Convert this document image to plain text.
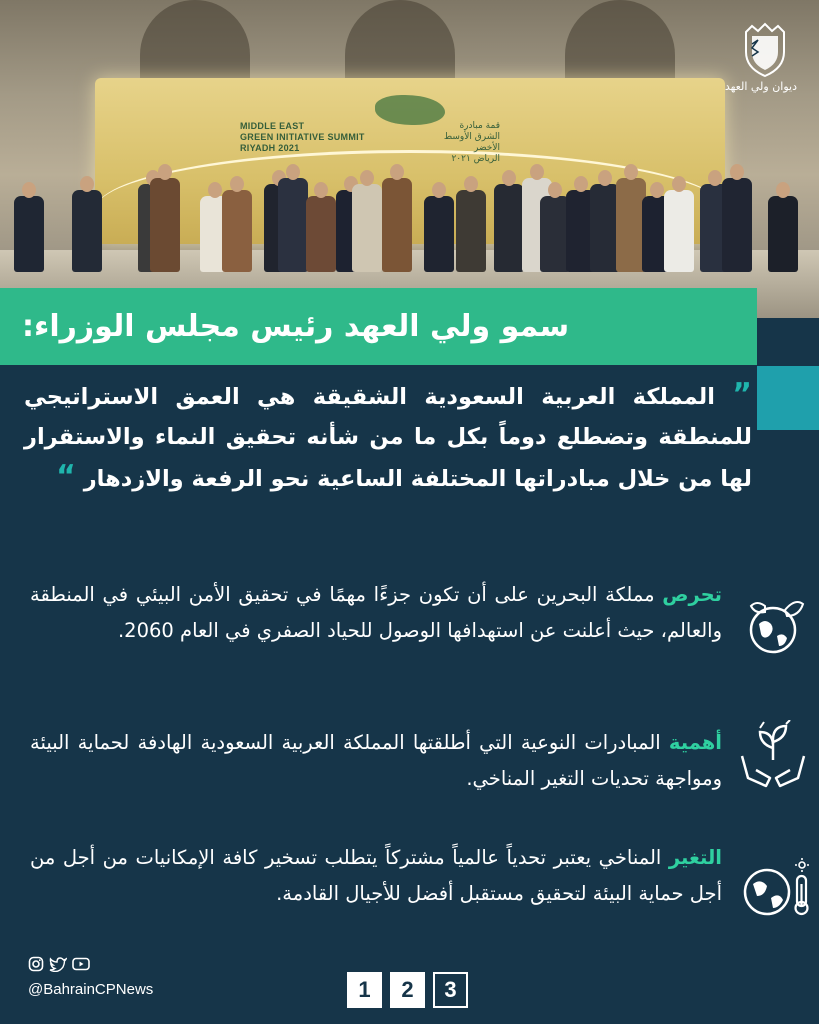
MIDDLE EAST
GREEN INITIATIVE SUMMIT
RIYADH 2021
قمة مبادرة
الشرق الأوسط الأخضر
الرياض ٢٠٢١
ديوان ولي العهد
سمو ولي العهد رئيس مجلس الوزراء:
” المملكة العربية السعودية الشقيقة هي العمق الاستراتيجي للمنطقة وتضطلع دوماً بكل ما من شأنه تحقيق النماء والاستقرار لها من خلال مبادراتها المختلفة الساعية نحو الرفعة والازدهار “
تحرص مملكة البحرين على أن تكون جزءًا مهمًا في تحقيق الأمن البيئي في المنطقة والعالم، حيث أعلنت عن استهدافها الوصول للحياد الصفري في العام 2060.
أهمية المبادرات النوعية التي أطلقتها المملكة العربية السعودية الهادفة لحماية البيئة ومواجهة تحديات التغير المناخي.
التغير المناخي يعتبر تحدياً عالمياً مشتركاً يتطلب تسخير كافة الإمكانيات من أجل من أجل حماية البيئة لتحقيق مستقبل أفضل للأجيال القادمة.
@BahrainCPNews	1	2	3
